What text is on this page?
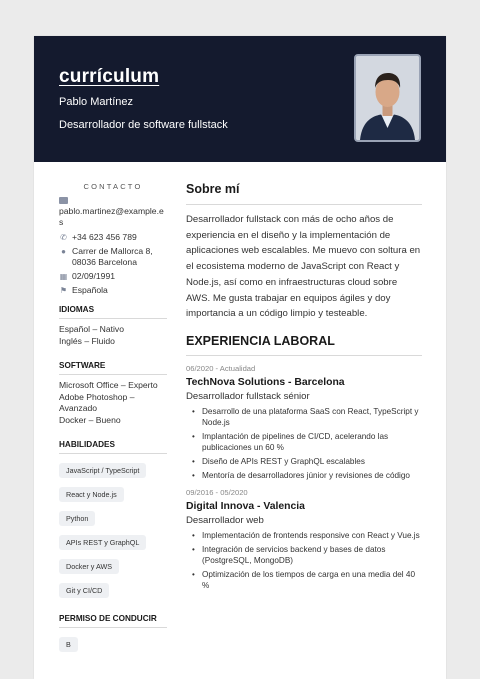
currículum
Pablo Martínez
Desarrollador de software fullstack
CONTACTO
pablo.martinez@example.es
✆ +34 623 456 789
● Carrer de Mallorca 8, 08036 Barcelona
▦ 02/09/1991
⚑ Española
IDIOMAS
Español – Nativo
Inglés – Fluido
SOFTWARE
Microsoft Office – Experto
Adobe Photoshop – Avanzado
Docker – Bueno
HABILIDADES
JavaScript / TypeScript
React y Node.js
Python
APIs REST y GraphQL
Docker y AWS
Git y CI/CD
PERMISO DE CONDUCIR
B
Sobre mí
Desarrollador fullstack con más de ocho años de experiencia en el diseño y la implementación de aplicaciones web escalables. Me muevo con soltura en el ecosistema moderno de JavaScript con React y Node.js, así como en infraestructuras cloud sobre AWS. Me gusta trabajar en equipos ágiles y doy importancia a un código limpio y testeable.
EXPERIENCIA LABORAL
06/2020 - Actualidad
TechNova Solutions - Barcelona
Desarrollador fullstack sénior
• Desarrollo de una plataforma SaaS con React, TypeScript y Node.js
• Implantación de pipelines de CI/CD, acelerando las publicaciones un 60 %
• Diseño de APIs REST y GraphQL escalables
• Mentoría de desarrolladores júnior y revisiones de código
09/2016 - 05/2020
Digital Innova - Valencia
Desarrollador web
• Implementación de frontends responsive con React y Vue.js
• Integración de servicios backend y bases de datos (PostgreSQL, MongoDB)
• Optimización de los tiempos de carga en una media del 40 %
